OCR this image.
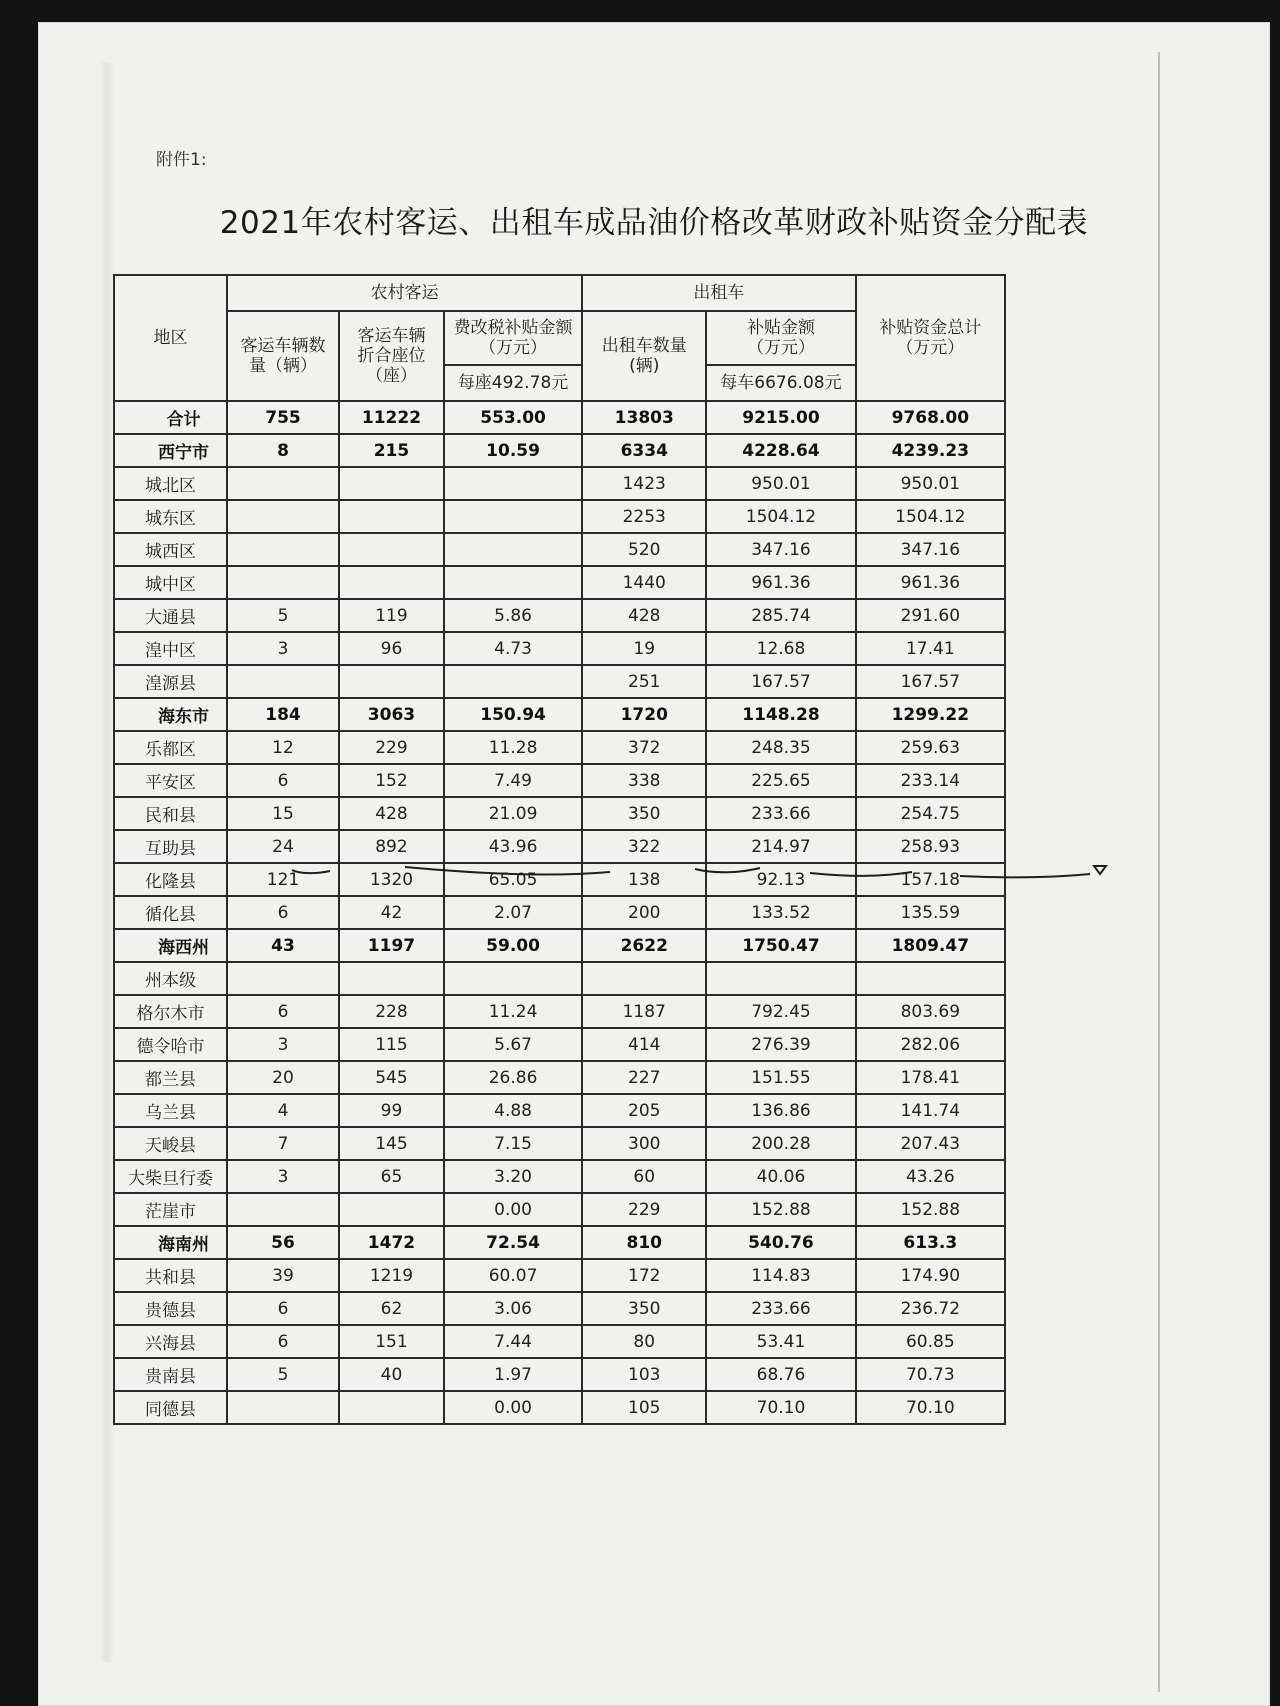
附件1:
2021年农村客运、出租车成品油价格改革财政补贴资金分配表
地区	农村客运			出租车		补贴资金总计（万元）
	客运车辆数量（辆）	客运车辆折合座位（座）	费改税补贴金额（万元）	出租车数量(辆)	补贴金额（万元）	
			每座492.78元		每车6676.08元	
合计	755	11222	553.00	13803	9215.00	9768.00
西宁市	8	215	10.59	6334	4228.64	4239.23
城北区				1423	950.01	950.01
城东区				2253	1504.12	1504.12
城西区				520	347.16	347.16
城中区				1440	961.36	961.36
大通县	5	119	5.86	428	285.74	291.60
湟中区	3	96	4.73	19	12.68	17.41
湟源县				251	167.57	167.57
海东市	184	3063	150.94	1720	1148.28	1299.22
乐都区	12	229	11.28	372	248.35	259.63
平安区	6	152	7.49	338	225.65	233.14
民和县	15	428	21.09	350	233.66	254.75
互助县	24	892	43.96	322	214.97	258.93
化隆县	121	1320	65.05	138	92.13	157.18
循化县	6	42	2.07	200	133.52	135.59
海西州	43	1197	59.00	2622	1750.47	1809.47
州本级						
格尔木市	6	228	11.24	1187	792.45	803.69
德令哈市	3	115	5.67	414	276.39	282.06
都兰县	20	545	26.86	227	151.55	178.41
乌兰县	4	99	4.88	205	136.86	141.74
天峻县	7	145	7.15	300	200.28	207.43
大柴旦行委	3	65	3.20	60	40.06	43.26
茫崖市			0.00	229	152.88	152.88
海南州	56	1472	72.54	810	540.76	613.3
共和县	39	1219	60.07	172	114.83	174.90
贵德县	6	62	3.06	350	233.66	236.72
兴海县	6	151	7.44	80	53.41	60.85
贵南县	5	40	1.97	103	68.76	70.73
同德县			0.00	105	70.10	70.10
